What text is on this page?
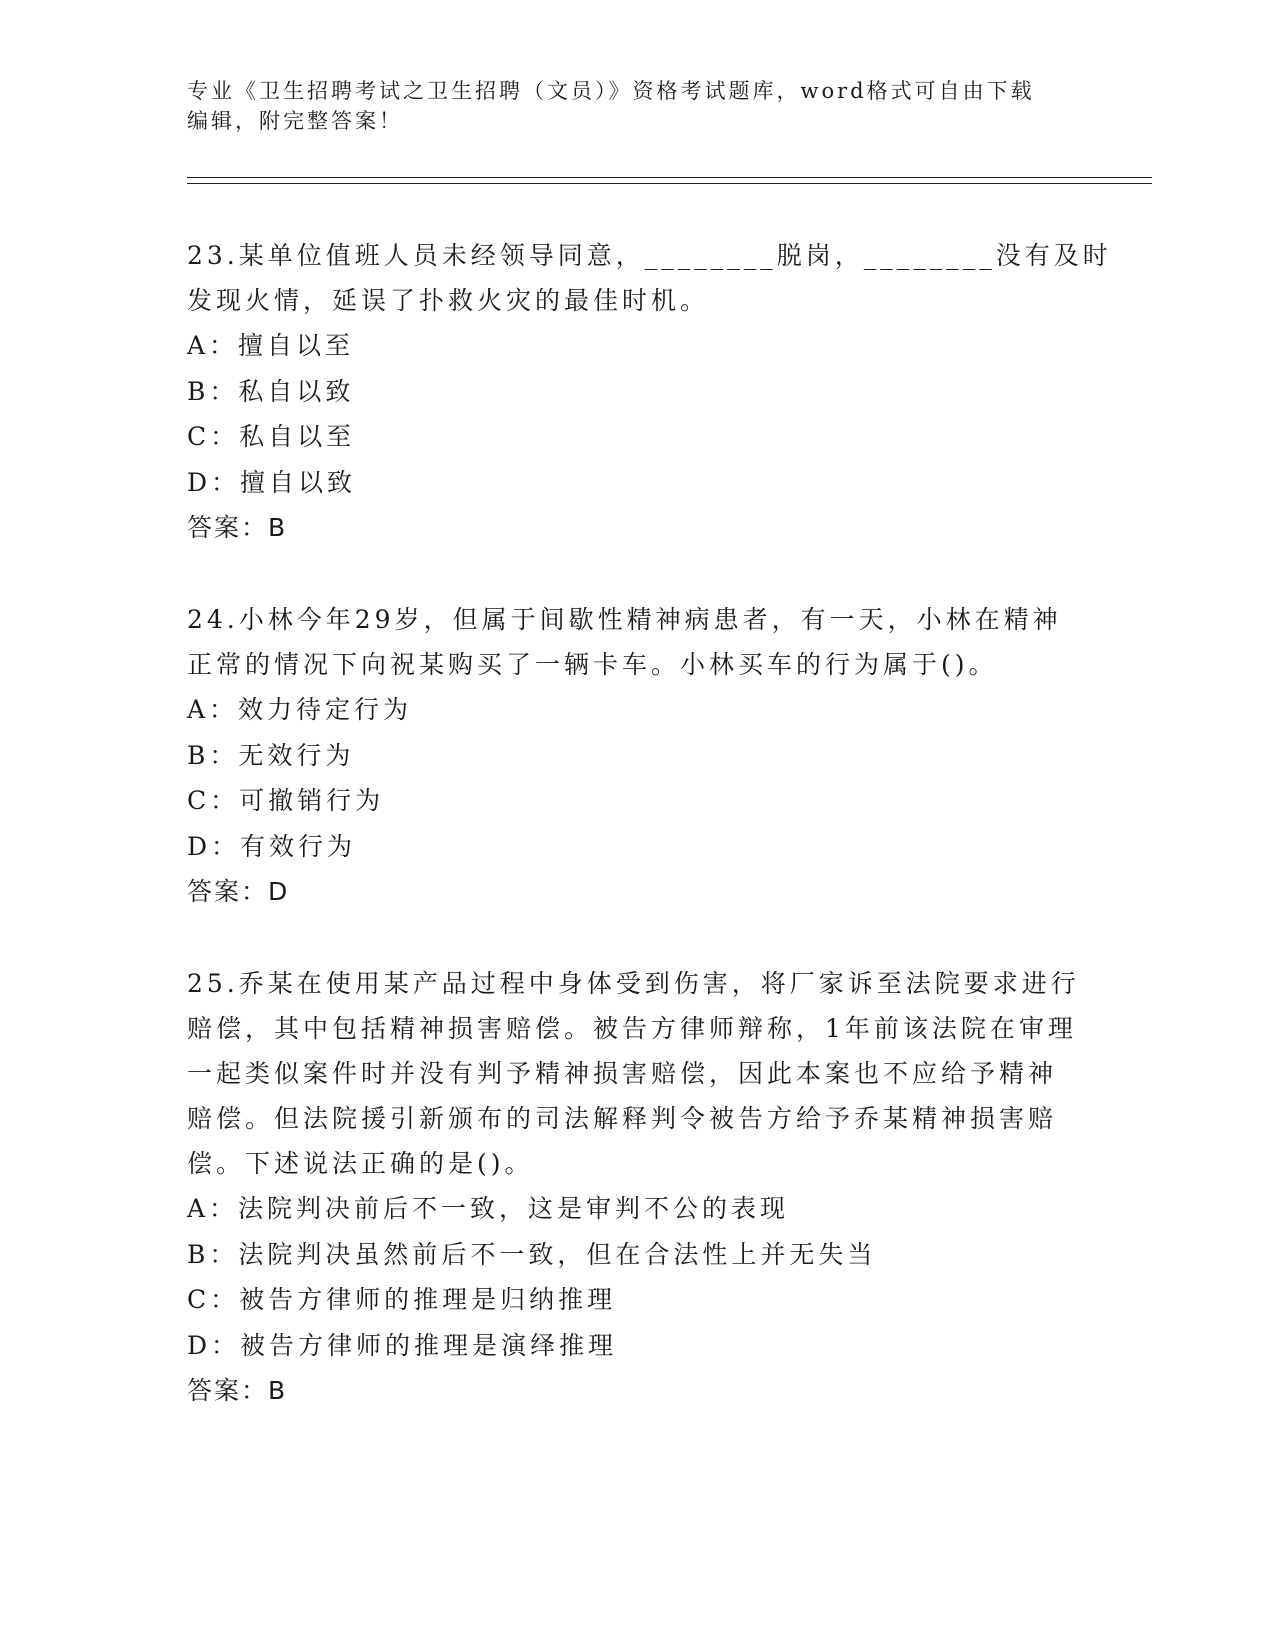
专业《卫生招聘考试之卫生招聘（文员）》资格考试题库，word格式可自由下载
编辑，附完整答案！
23.某单位值班人员未经领导同意，________脱岗，________没有及时
发现火情，延误了扑救火灾的最佳时机。
A：擅自以至
B：私自以致
C：私自以至
D：擅自以致
答案：B
24.小林今年29岁，但属于间歇性精神病患者，有一天，小林在精神
正常的情况下向祝某购买了一辆卡车。小林买车的行为属于()。
A：效力待定行为
B：无效行为
C：可撤销行为
D：有效行为
答案：D
25.乔某在使用某产品过程中身体受到伤害，将厂家诉至法院要求进行
赔偿，其中包括精神损害赔偿。被告方律师辩称，1年前该法院在审理
一起类似案件时并没有判予精神损害赔偿，因此本案也不应给予精神
赔偿。但法院援引新颁布的司法解释判令被告方给予乔某精神损害赔
偿。下述说法正确的是()。
A：法院判决前后不一致，这是审判不公的表现
B：法院判决虽然前后不一致，但在合法性上并无失当
C：被告方律师的推理是归纳推理
D：被告方律师的推理是演绎推理
答案：B
